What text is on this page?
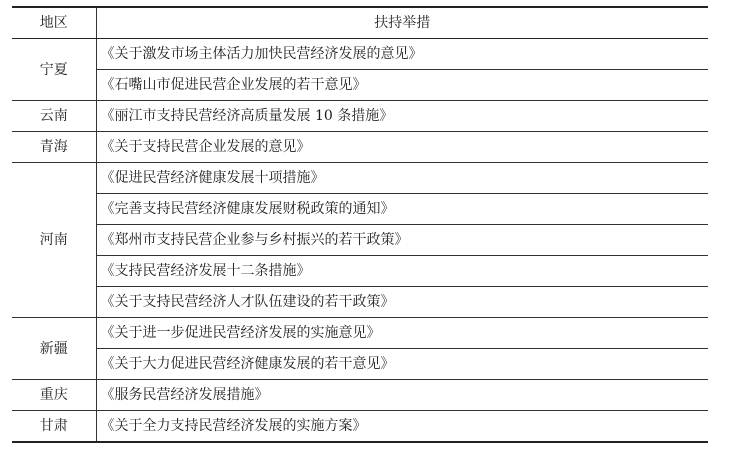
地区	扶持举措
宁夏	《关于激发市场主体活力加快民营经济发展的意见》
	《石嘴山市促进民营企业发展的若干意见》
云南	《丽江市支持民营经济高质量发展 10 条措施》
青海	《关于支持民营企业发展的意见》
河南	《促进民营经济健康发展十项措施》
	《完善支持民营经济健康发展财税政策的通知》
	《郑州市支持民营企业参与乡村振兴的若干政策》
	《支持民营经济发展十二条措施》
	《关于支持民营经济人才队伍建设的若干政策》
新疆	《关于进一步促进民营经济发展的实施意见》
	《关于大力促进民营经济健康发展的若干意见》
重庆	《服务民营经济发展措施》
甘肃	《关于全力支持民营经济发展的实施方案》
